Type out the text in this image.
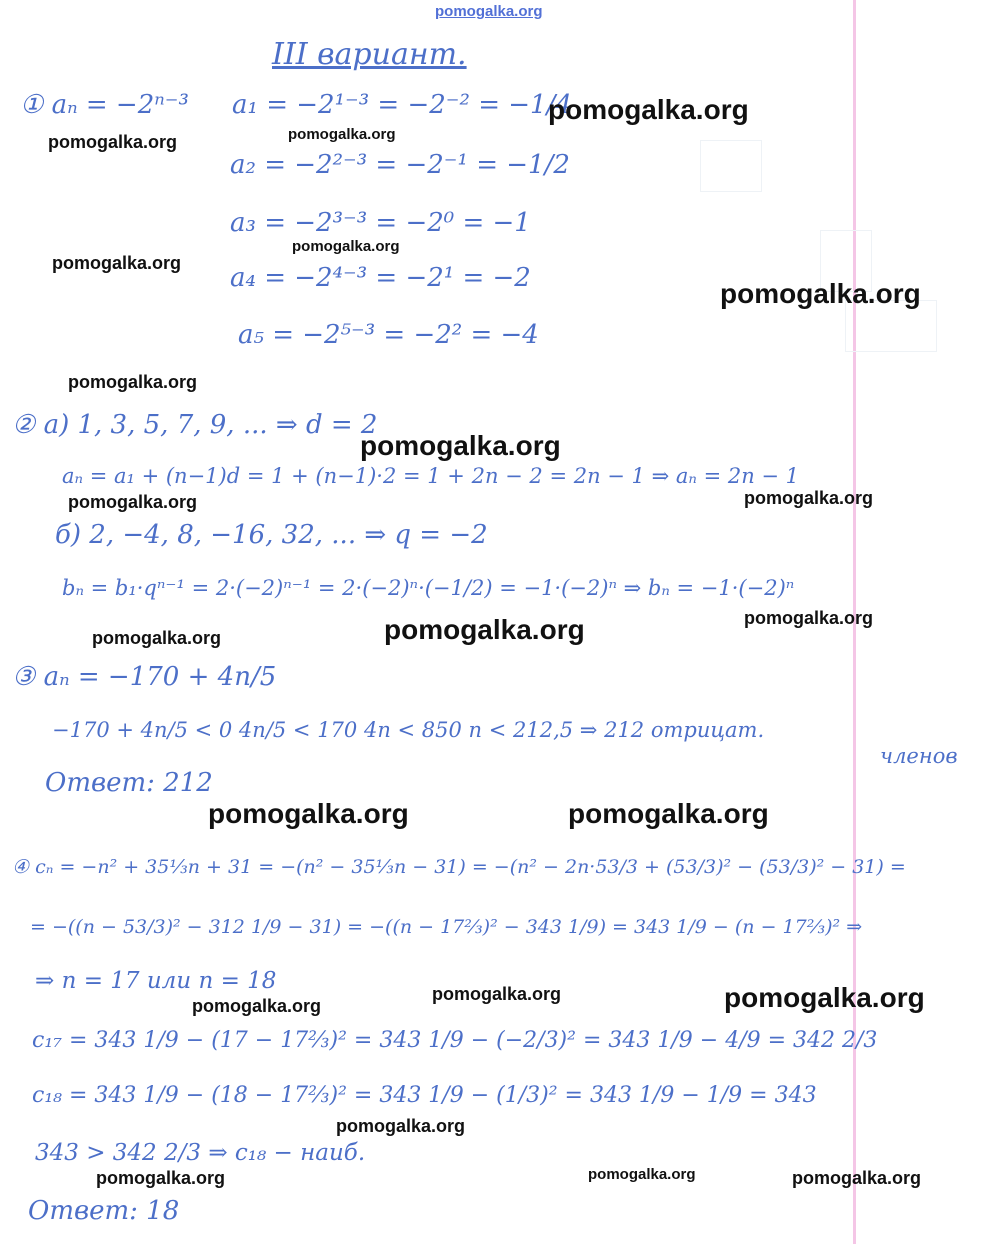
pomogalka.org

III вариант.

① aₙ = −2ⁿ⁻³ a₁ = −2¹⁻³ = −2⁻² = −1/4

a₂ = −2²⁻³ = −2⁻¹ = −1/2

a₃ = −2³⁻³ = −2⁰ = −1

a₄ = −2⁴⁻³ = −2¹ = −2

a₅ = −2⁵⁻³ = −2² = −4

② а) 1, 3, 5, 7, 9, ... ⇒ d = 2

aₙ = a₁ + (n−1)d = 1 + (n−1)·2 = 1 + 2n − 2 = 2n − 1 ⇒ aₙ = 2n − 1

б) 2, −4, 8, −16, 32, ... ⇒ q = −2

bₙ = b₁·qⁿ⁻¹ = 2·(−2)ⁿ⁻¹ = 2·(−2)ⁿ·(−1/2) = −1·(−2)ⁿ ⇒ bₙ = −1·(−2)ⁿ

③ aₙ = −170 + 4n/5

−170 + 4n/5 < 0 4n/5 < 170 4n < 850 n < 212,5 ⇒ 212 отрицат.

членов

Ответ: 212

④ cₙ = −n² + 35⅓n + 31 = −(n² − 35⅓n − 31) = −(n² − 2n·53/3 + (53/3)² − (53/3)² − 31) =

= −((n − 53/3)² − 312 1/9 − 31) = −((n − 17⅔)² − 343 1/9) = 343 1/9 − (n − 17⅔)² ⇒

⇒ n = 17 или n = 18

c₁₇ = 343 1/9 − (17 − 17⅔)² = 343 1/9 − (−2/3)² = 343 1/9 − 4/9 = 342 2/3

c₁₈ = 343 1/9 − (18 − 17⅔)² = 343 1/9 − (1/3)² = 343 1/9 − 1/9 = 343

343 > 342 2/3 ⇒ c₁₈ − наиб.

Ответ: 18

pomogalka.org

pomogalka.org	pomogalka.org

pomogalka.org

pomogalka.org

pomogalka.org

pomogalka.org

pomogalka.org

pomogalka.org

pomogalka.org

pomogalka.org	pomogalka.org

pomogalka.org

pomogalka.org	pomogalka.org

pomogalka.org	pomogalka.org

pomogalka.org

pomogalka.org

pomogalka.org

pomogalka.org	pomogalka.org
